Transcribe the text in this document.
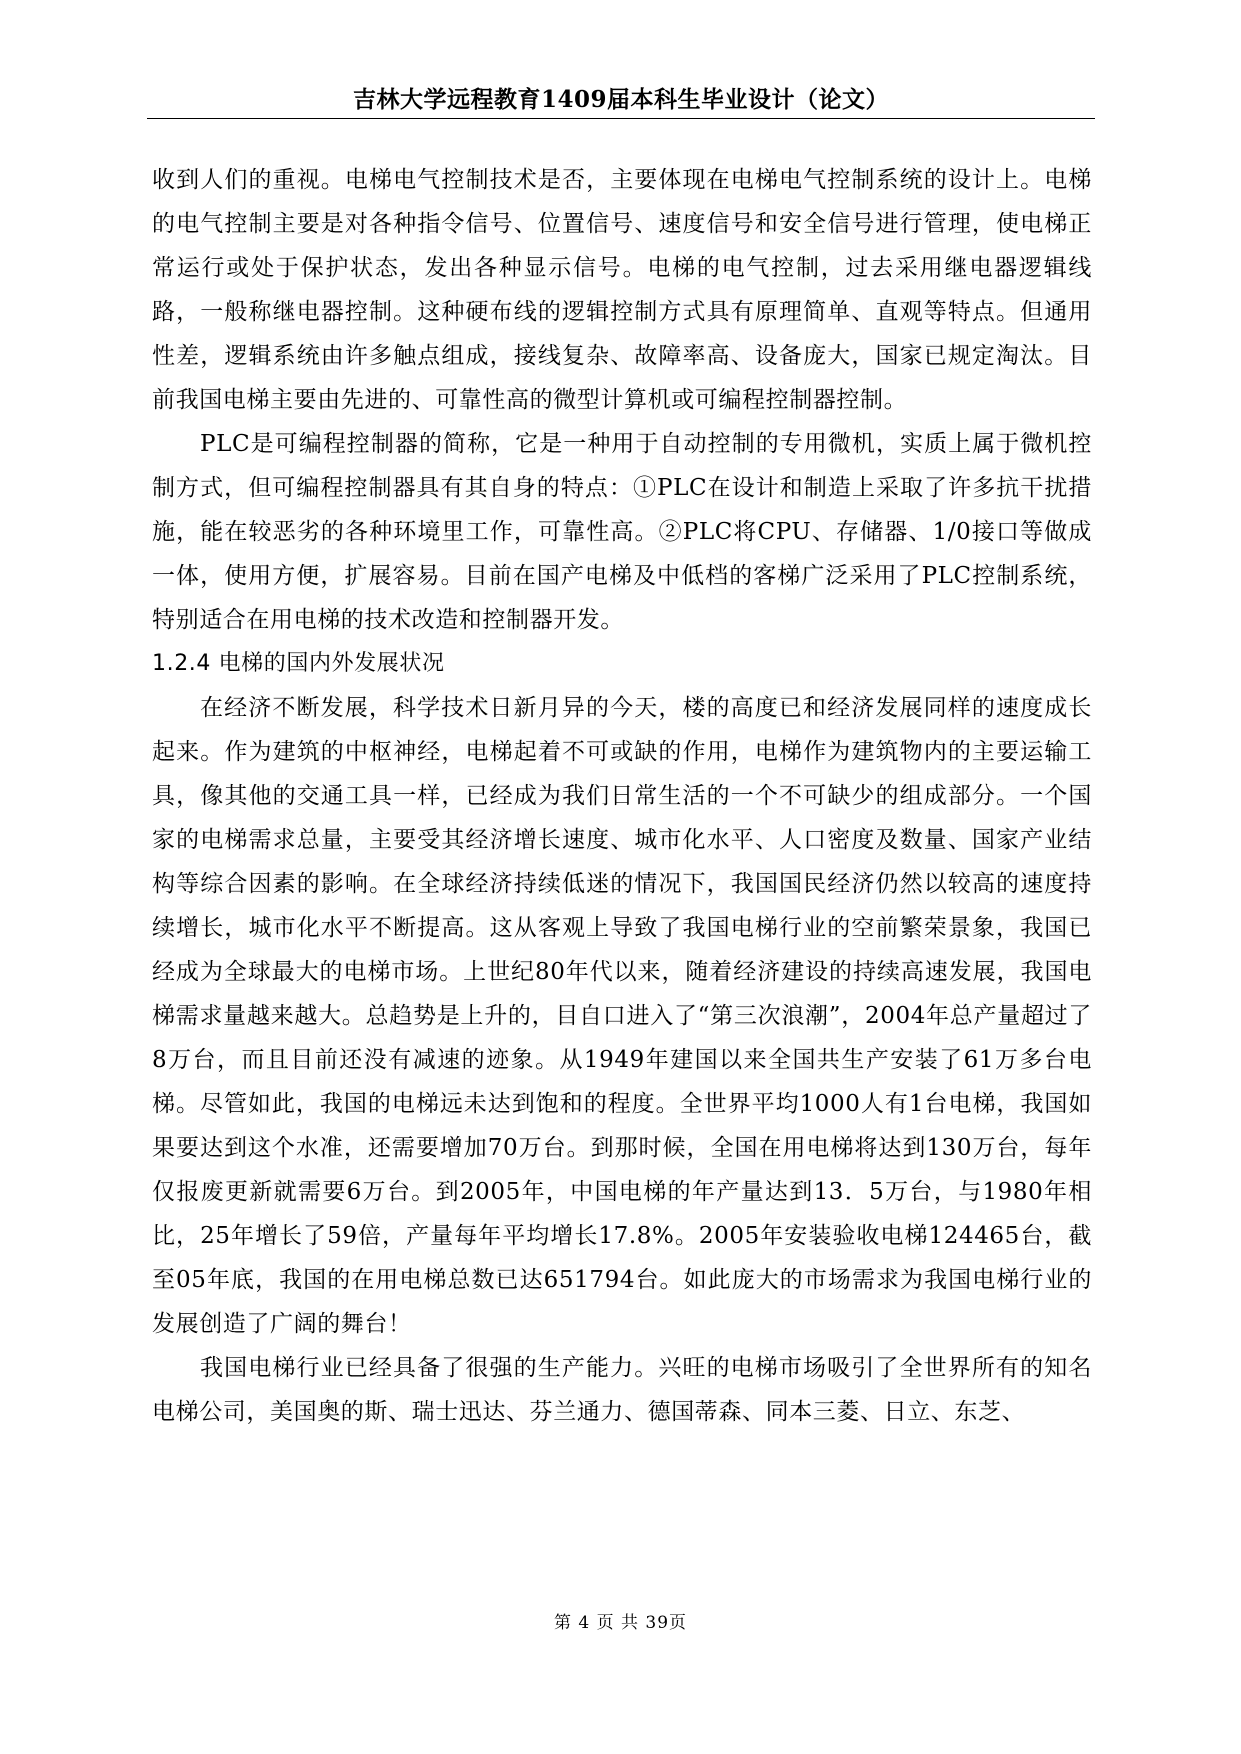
吉林大学远程教育1409届本科生毕业设计（论文）

收到人们的重视。电梯电气控制技术是否，主要体现在电梯电气控制系统的设计上。电梯的电气控制主要是对各种指令信号、位置信号、速度信号和安全信号进行管理，使电梯正常运行或处于保护状态，发出各种显示信号。电梯的电气控制，过去采用继电器逻辑线路，一般称继电器控制。这种硬布线的逻辑控制方式具有原理简单、直观等特点。但通用性差，逻辑系统由许多触点组成，接线复杂、故障率高、设备庞大，国家已规定淘汰。目前我国电梯主要由先进的、可靠性高的微型计算机或可编程控制器控制。

PLC是可编程控制器的简称，它是一种用于自动控制的专用微机，实质上属于微机控制方式，但可编程控制器具有其自身的特点：①PLC在设计和制造上采取了许多抗干扰措施，能在较恶劣的各种环境里工作，可靠性高。②PLC将CPU、存储器、1/0接口等做成一体，使用方便，扩展容易。目前在国产电梯及中低档的客梯广泛采用了PLC控制系统，特别适合在用电梯的技术改造和控制器开发。

1.2.4 电梯的国内外发展状况

在经济不断发展，科学技术日新月异的今天，楼的高度已和经济发展同样的速度成长起来。作为建筑的中枢神经，电梯起着不可或缺的作用，电梯作为建筑物内的主要运输工具，像其他的交通工具一样，已经成为我们日常生活的一个不可缺少的组成部分。一个国家的电梯需求总量，主要受其经济增长速度、城市化水平、人口密度及数量、国家产业结构等综合因素的影响。在全球经济持续低迷的情况下，我国国民经济仍然以较高的速度持续增长，城市化水平不断提高。这从客观上导致了我国电梯行业的空前繁荣景象，我国已经成为全球最大的电梯市场。上世纪80年代以来，随着经济建设的持续高速发展，我国电梯需求量越来越大。总趋势是上升的，目自口进入了“第三次浪潮”，2004年总产量超过了8万台，而且目前还没有减速的迹象。从1949年建国以来全国共生产安装了61万多台电梯。尽管如此，我国的电梯远未达到饱和的程度。全世界平均1000人有1台电梯，我国如果要达到这个水准，还需要增加70万台。到那时候，全国在用电梯将达到130万台，每年仅报废更新就需要6万台。到2005年，中国电梯的年产量达到13．5万台，与1980年相比，25年增长了59倍，产量每年平均增长17.8%。2005年安装验收电梯124465台，截至05年底，我国的在用电梯总数已达651794台。如此庞大的市场需求为我国电梯行业的发展创造了广阔的舞台！

我国电梯行业已经具备了很强的生产能力。兴旺的电梯市场吸引了全世界所有的知名电梯公司，美国奥的斯、瑞士迅达、芬兰通力、德国蒂森、同本三菱、日立、东芝、

第 4 页 共 39页
